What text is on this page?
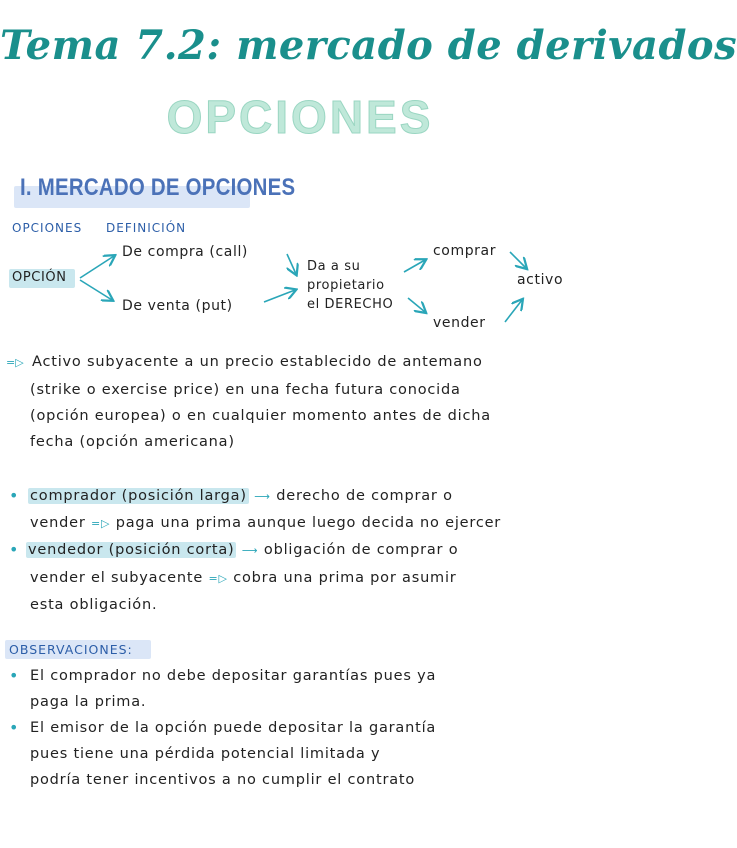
Tema 7.2: mercado de derivados
OPCIONES
I. MERCADO DE OPCIONES
OPCIONES DEFINICIÓN
OPCIÓN
De compra (call)
De venta (put)
Da a su
propietario
el DERECHO
comprar
vender
activo
=▷ Activo subyacente a un precio establecido de antemano
(strike o exercise price) en una fecha futura conocida
(opción europea) o en cualquier momento antes de dicha
fecha (opción americana)
• comprador (posición larga) ⟶ derecho de comprar o
vender =▷ paga una prima aunque luego decida no ejercer
• vendedor (posición corta) ⟶ obligación de comprar o
vender el subyacente =▷ cobra una prima por asumir
esta obligación.
OBSERVACIONES:
• El comprador no debe depositar garantías pues ya
paga la prima.
• El emisor de la opción puede depositar la garantía
pues tiene una pérdida potencial limitada y
podría tener incentivos a no cumplir el contrato
